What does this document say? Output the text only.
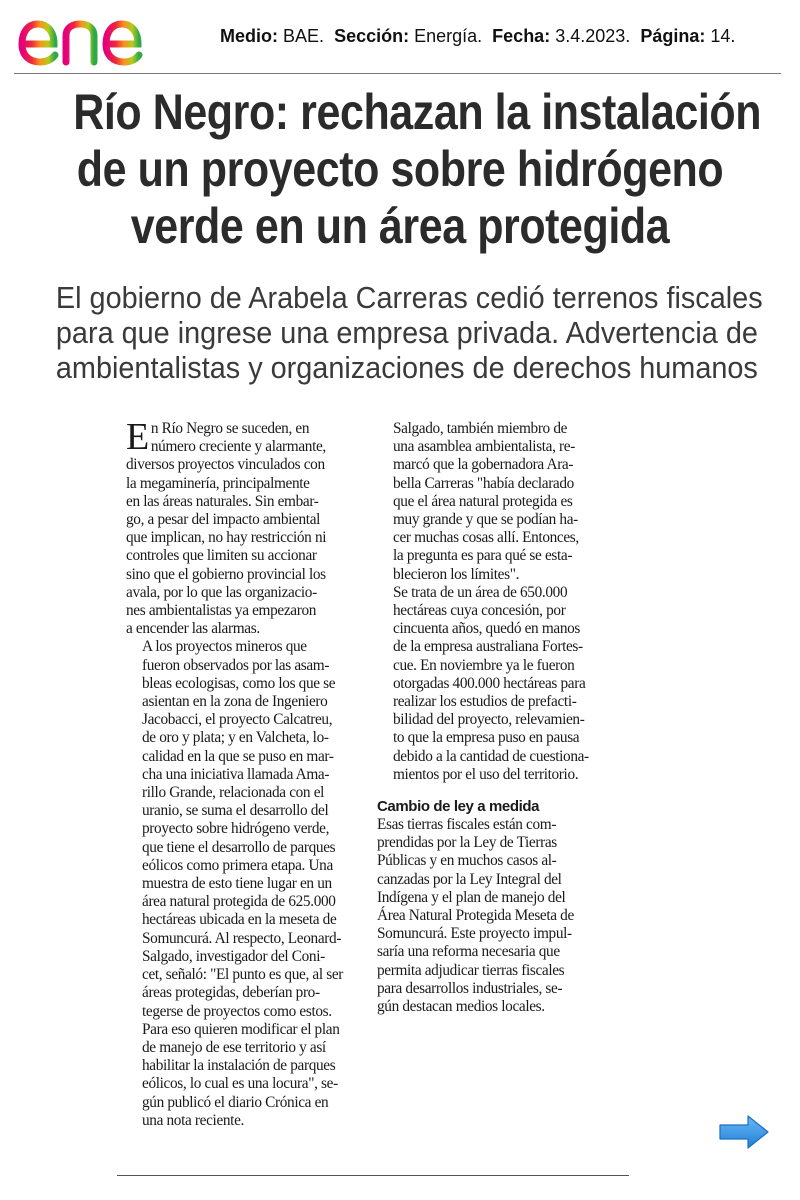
Medio: BAE. Sección: Energía. Fecha: 3.4.2023. Página: 14.
Río Negro: rechazan la instalación
de un proyecto sobre hidrógeno
verde en un área protegida
El gobierno de Arabela Carreras cedió terrenos fiscales
para que ingrese una empresa privada. Advertencia de
ambientalistas y organizaciones de derechos humanos

E n Río Negro se suceden, en
número creciente y alarmante,
diversos proyectos vinculados con
la megaminería, principalmente
en las áreas naturales. Sin embar-
go, a pesar del impacto ambiental
que implican, no hay restricción ni
controles que limiten su accionar
sino que el gobierno provincial los
avala, por lo que las organizacio-
nes ambientalistas ya empezaron
a encender las alarmas.

A los proyectos mineros que
fueron observados por las asam-
bleas ecologisas, como los que se
asientan en la zona de Ingeniero
Jacobacci, el proyecto Calcatreu,
de oro y plata; y en Valcheta, lo-
calidad en la que se puso en mar-
cha una iniciativa llamada Ama-
rillo Grande, relacionada con el
uranio, se suma el desarrollo del
proyecto sobre hidrógeno verde,
que tiene el desarrollo de parques
eólicos como primera etapa. Una
muestra de esto tiene lugar en un
área natural protegida de 625.000
hectáreas ubicada en la meseta de
Somuncurá. Al respecto, Leonard-
Salgado, investigador del Coni-
cet, señaló: "El punto es que, al ser
áreas protegidas, deberían pro-
tegerse de proyectos como estos.
Para eso quieren modificar el plan
de manejo de ese territorio y así
habilitar la instalación de parques
eólicos, lo cual es una locura", se-
gún publicó el diario Crónica en
una nota reciente.

Salgado, también miembro de
una asamblea ambientalista, re-
marcó que la gobernadora Ara-
bella Carreras "había declarado
que el área natural protegida es
muy grande y que se podían ha-
cer muchas cosas allí. Entonces,
la pregunta es para qué se esta-
blecieron los límites".

Se trata de un área de 650.000
hectáreas cuya concesión, por
cincuenta años, quedó en manos
de la empresa australiana Fortes-
cue. En noviembre ya le fueron
otorgadas 400.000 hectáreas para
realizar los estudios de prefacti-
bilidad del proyecto, relevamien-
to que la empresa puso en pausa
debido a la cantidad de cuestiona-
mientos por el uso del territorio.

Cambio de ley a medida

Esas tierras fiscales están com-
prendidas por la Ley de Tierras
Públicas y en muchos casos al-
canzadas por la Ley Integral del
Indígena y el plan de manejo del
Área Natural Protegida Meseta de
Somuncurá. Este proyecto impul-
saría una reforma necesaria que
permita adjudicar tierras fiscales
para desarrollos industriales, se-
gún destacan medios locales.
